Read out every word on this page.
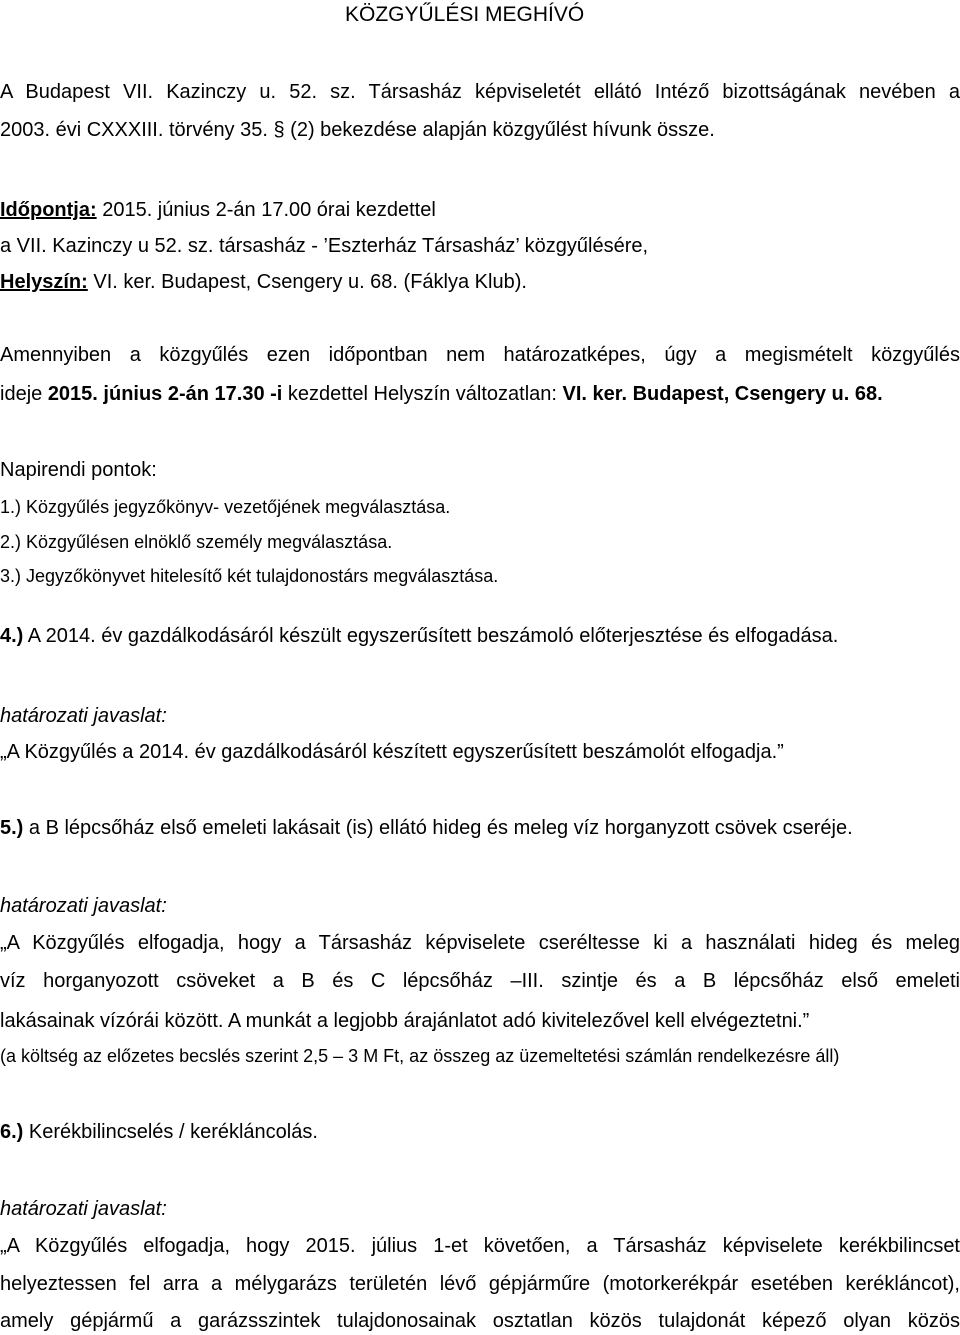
KÖZGYŰLÉSI MEGHÍVÓ

A Budapest VII. Kazinczy u. 52. sz. Társasház képviseletét ellátó Intéző bizottságának nevében a

2003. évi CXXXIII. törvény 35. § (2) bekezdése alapján közgyűlést hívunk össze.

Időpontja: 2015. június 2-án 17.00 órai kezdettel

a VII. Kazinczy u 52. sz. társasház - ’Eszterház Társasház’ közgyűlésére,

Helyszín: VI. ker. Budapest, Csengery u. 68. (Fáklya Klub).

Amennyiben a közgyűlés ezen időpontban nem határozatképes, úgy a megismételt közgyűlés

ideje 2015. június 2-án 17.30 -i kezdettel Helyszín változatlan: VI. ker. Budapest, Csengery u. 68.

Napirendi pontok:

1.) Közgyűlés jegyzőkönyv- vezetőjének megválasztása.

2.) Közgyűlésen elnöklő személy megválasztása.

3.) Jegyzőkönyvet hitelesítő két tulajdonostárs megválasztása.

4.) A 2014. év gazdálkodásáról készült egyszerűsített beszámoló előterjesztése és elfogadása.

határozati javaslat:

„A Közgyűlés a 2014. év gazdálkodásáról készített egyszerűsített beszámolót elfogadja.”

5.) a B lépcsőház első emeleti lakásait (is) ellátó hideg és meleg víz horganyzott csövek cseréje.

határozati javaslat:

„A Közgyűlés elfogadja, hogy a Társasház képviselete cseréltesse ki a használati hideg és meleg

víz horganyozott csöveket a B és C lépcsőház –III. szintje és a B lépcsőház első emeleti

lakásainak vízórái között. A munkát a legjobb árajánlatot adó kivitelezővel kell elvégeztetni.”

(a költség az előzetes becslés szerint 2,5 – 3 M Ft, az összeg az üzemeltetési számlán rendelkezésre áll)

6.) Kerékbilincselés / kerékláncolás.

határozati javaslat:

„A Közgyűlés elfogadja, hogy 2015. július 1-et követően, a Társasház képviselete kerékbilincset

helyeztessen fel arra a mélygarázs területén lévő gépjárműre (motorkerékpár esetében kerékláncot),

amely gépjármű a garázsszintek tulajdonosainak osztatlan közös tulajdonát képező olyan közös
